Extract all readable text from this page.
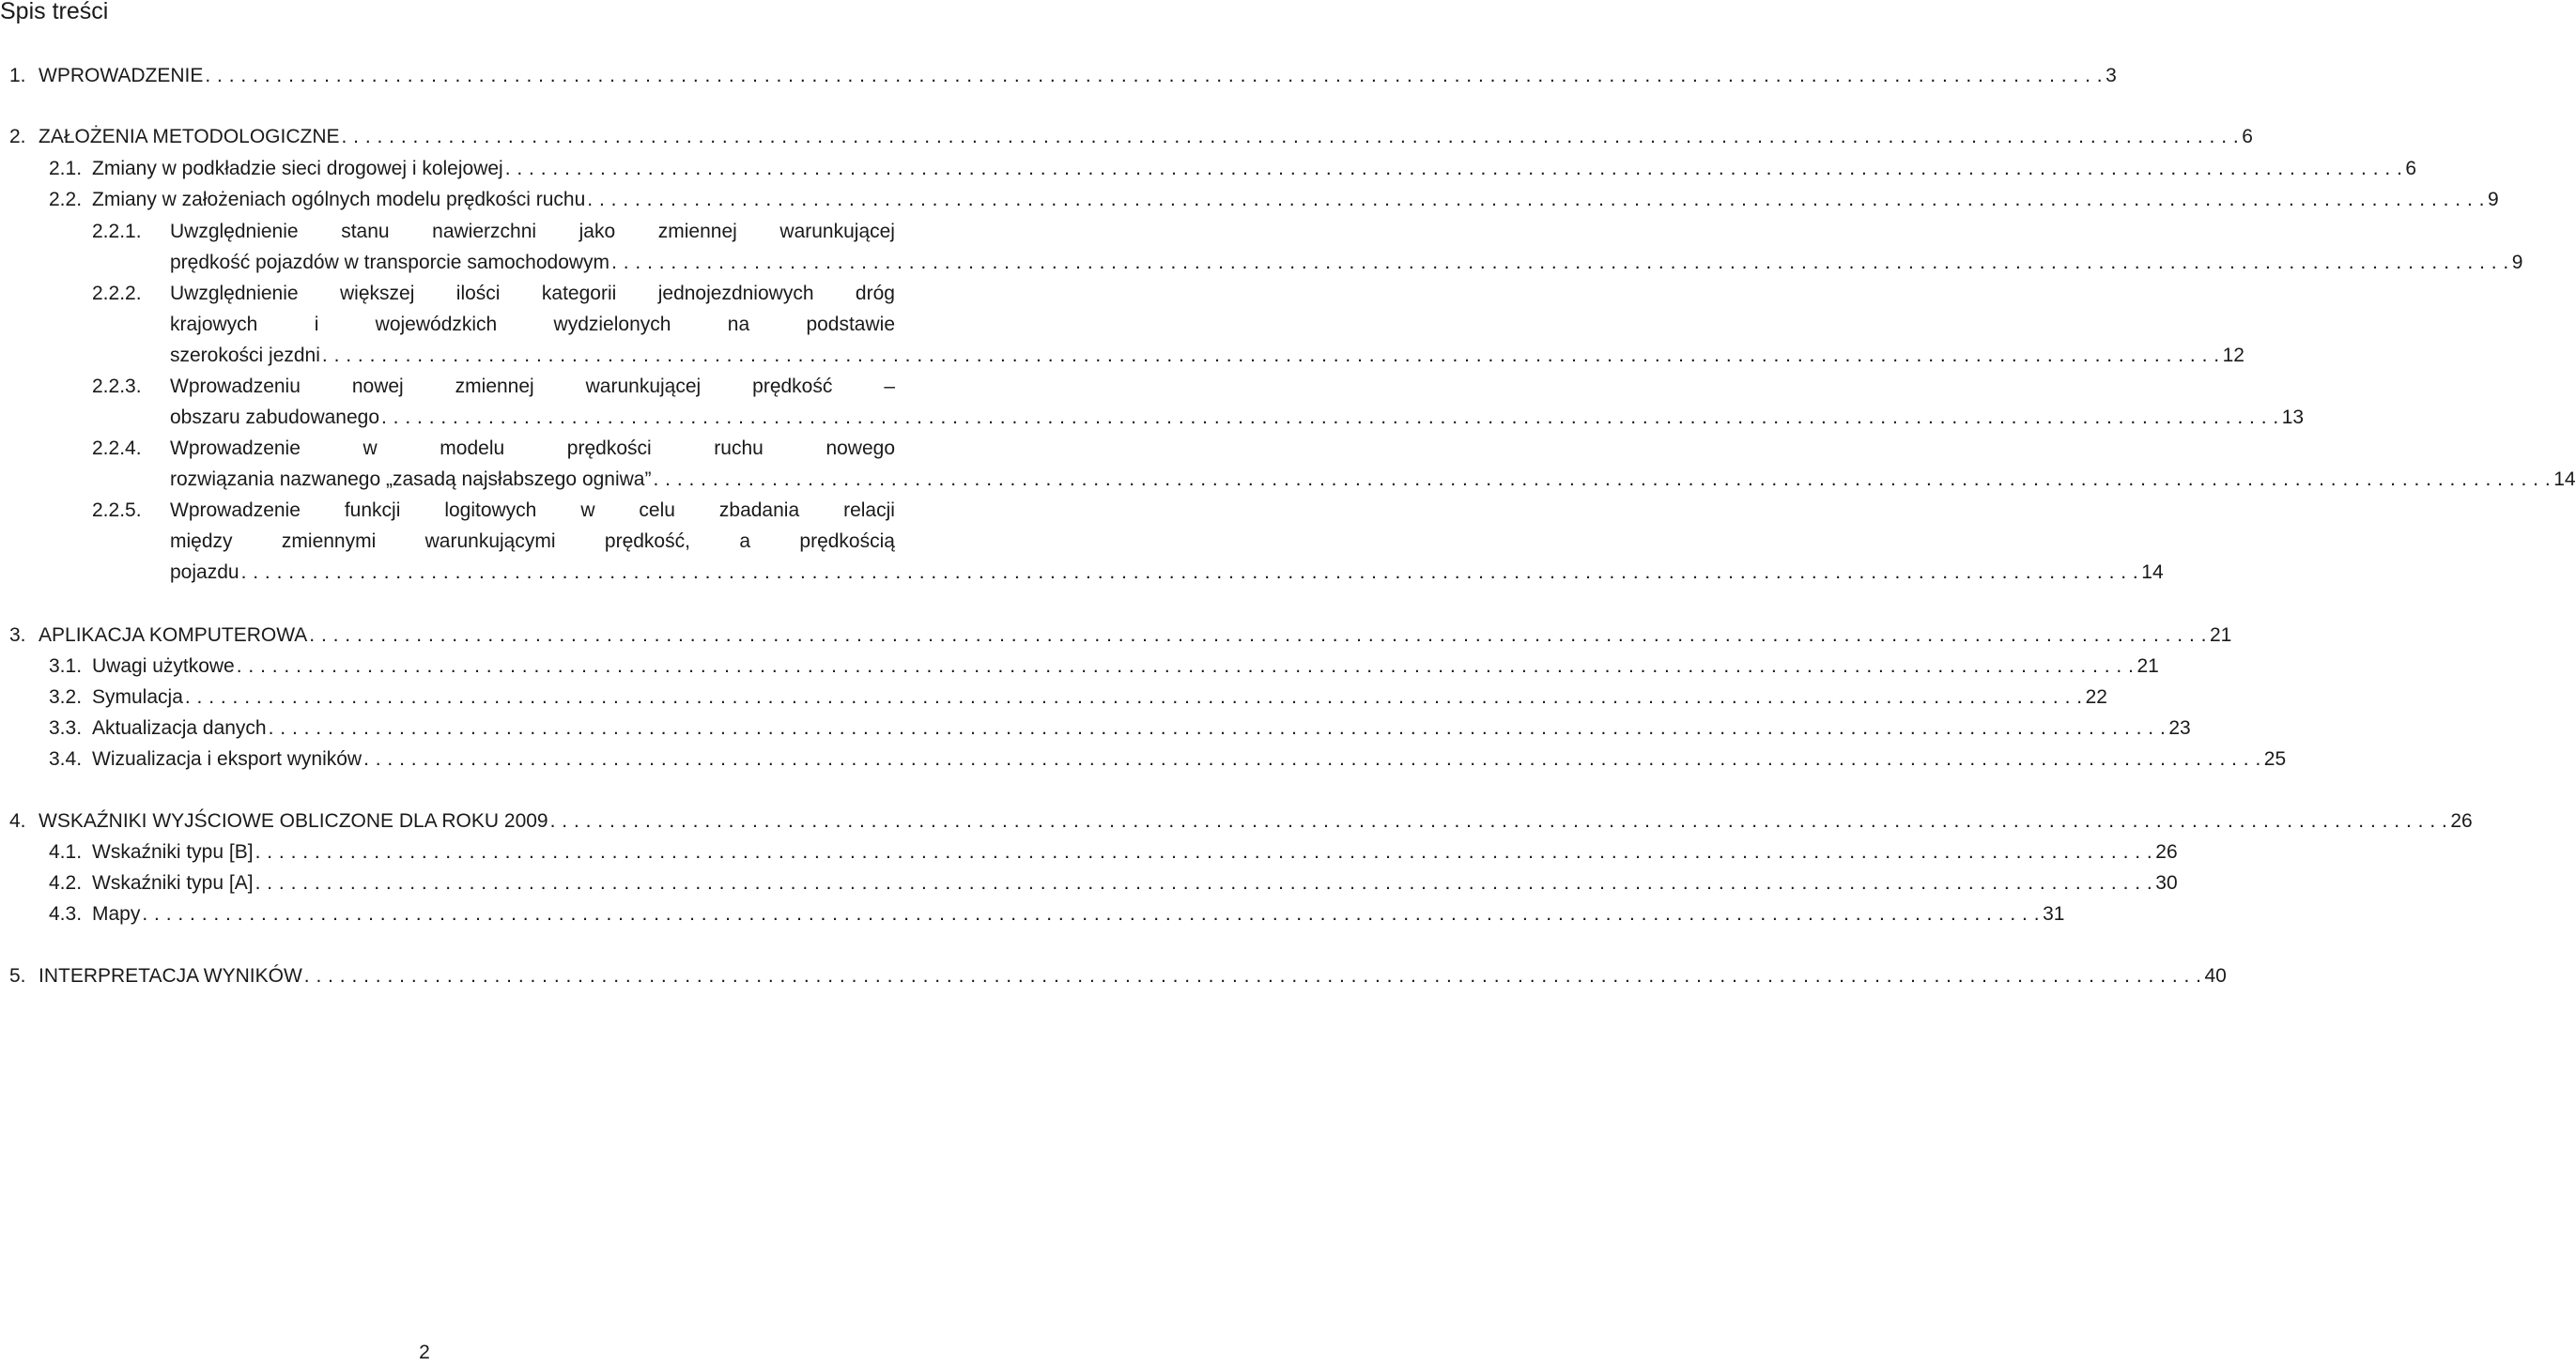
Spis treści
1. WPROWADZENIE . . . . . . . . . . . . . . . . . . . . . . . . . . . . . . . . . . . . . . . . . . . . . . . . . . . . . . . . . . . . . . . . . . . . . . . . . . . . . . . . . . . . . . . . . . . . . . . . . . . . . . . . . . . . . . . . . . . . . . . . . . . . . . . . . . . . . . . . . . . . . . . . . . . . . . . . . . . . . . . . 3
2. ZAŁOŻENIA METODOLOGICZNE . . . . . . . . . . . . . . . . . . . . . . . . . . . . . . . . . . . . . . . . . . . . . . . . . . . . . . . . . . . . . . . . . . . . . . . . . . . . . . . . . . . . . . . . . . . . . . . . . . . . . . . . . . . . . . . . . . . . . . . . . . . . . . . . . . . . . . . . . . . . . . . . . . . . . . . . . . . . . . . . 6
2.1. Zmiany w podkładzie sieci drogowej i kolejowej . . . . . . . . . . . . . . . . . . . . . . . . . . . . . . . . . . . . . . . . . . . . . . . . . . . . . . . . . . . . . . . . . . . . . . . . . . . . . . . . . . . . . . . . . . . . . . . . . . . . . . . . . . . . . . . . . . . . . . . . . . . . . . . . . . . . . . . . . . . . . . . . . . . . . . . . . . . . . . . . 6
2.2. Zmiany w założeniach ogólnych modelu prędkości ruchu . . . . . . . . . . . . . . . . . . . . . . . . . . . . . . . . . . . . . . . . . . . . . . . . . . . . . . . . . . . . . . . . . . . . . . . . . . . . . . . . . . . . . . . . . . . . . . . . . . . . . . . . . . . . . . . . . . . . . . . . . . . . . . . . . . . . . . . . . . . . . . . . . . . . . . . . . . . . . . . . 9
2.2.1. Uwzględnienie stanu nawierzchni jako zmiennej warunkującej
prędkość pojazdów w transporcie samochodowym . . . . . . . . . . . . . . . . . . . . . . . . . . . . . . . . . . . . . . . . . . . . . . . . . . . . . . . . . . . . . . . . . . . . . . . . . . . . . . . . . . . . . . . . . . . . . . . . . . . . . . . . . . . . . . . . . . . . . . . . . . . . . . . . . . . . . . . . . . . . . . . . . . . . . . . . . . . . . . . . 9
2.2.2. Uwzględnienie większej ilości kategorii jednojezdniowych dróg
krajowych	i	wojewódzkich	wydzielonych	na	podstawie
szerokości jezdni . . . . . . . . . . . . . . . . . . . . . . . . . . . . . . . . . . . . . . . . . . . . . . . . . . . . . . . . . . . . . . . . . . . . . . . . . . . . . . . . . . . . . . . . . . . . . . . . . . . . . . . . . . . . . . . . . . . . . . . . . . . . . . . . . . . . . . . . . . . . . . . . . . . . . . . . . . . . . . . . 12
2.2.3. Wprowadzeniu	nowej	zmiennej	warunkującej	prędkość	–
obszaru zabudowanego . . . . . . . . . . . . . . . . . . . . . . . . . . . . . . . . . . . . . . . . . . . . . . . . . . . . . . . . . . . . . . . . . . . . . . . . . . . . . . . . . . . . . . . . . . . . . . . . . . . . . . . . . . . . . . . . . . . . . . . . . . . . . . . . . . . . . . . . . . . . . . . . . . . . . . . . . . . . . . . . 13
2.2.4. Wprowadzenie	w	modelu	prędkości	ruchu	nowego
rozwiązania nazwanego „zasadą najsłabszego ogniwa” . . . . . . . . . . . . . . . . . . . . . . . . . . . . . . . . . . . . . . . . . . . . . . . . . . . . . . . . . . . . . . . . . . . . . . . . . . . . . . . . . . . . . . . . . . . . . . . . . . . . . . . . . . . . . . . . . . . . . . . . . . . . . . . . . . . . . . . . . . . . . . . . . . . . . . . . . . . . . . . . 14
2.2.5. Wprowadzenie funkcji logitowych w celu zbadania relacji
między zmiennymi warunkującymi prędkość, a prędkością
pojazdu . . . . . . . . . . . . . . . . . . . . . . . . . . . . . . . . . . . . . . . . . . . . . . . . . . . . . . . . . . . . . . . . . . . . . . . . . . . . . . . . . . . . . . . . . . . . . . . . . . . . . . . . . . . . . . . . . . . . . . . . . . . . . . . . . . . . . . . . . . . . . . . . . . . . . . . . . . . . . . . . 14
3. APLIKACJA KOMPUTEROWA . . . . . . . . . . . . . . . . . . . . . . . . . . . . . . . . . . . . . . . . . . . . . . . . . . . . . . . . . . . . . . . . . . . . . . . . . . . . . . . . . . . . . . . . . . . . . . . . . . . . . . . . . . . . . . . . . . . . . . . . . . . . . . . . . . . . . . . . . . . . . . . . . . . . . . . . . . . . . . . . 21
3.1. Uwagi użytkowe . . . . . . . . . . . . . . . . . . . . . . . . . . . . . . . . . . . . . . . . . . . . . . . . . . . . . . . . . . . . . . . . . . . . . . . . . . . . . . . . . . . . . . . . . . . . . . . . . . . . . . . . . . . . . . . . . . . . . . . . . . . . . . . . . . . . . . . . . . . . . . . . . . . . . . . . . . . . . . . . 21
3.2. Symulacja . . . . . . . . . . . . . . . . . . . . . . . . . . . . . . . . . . . . . . . . . . . . . . . . . . . . . . . . . . . . . . . . . . . . . . . . . . . . . . . . . . . . . . . . . . . . . . . . . . . . . . . . . . . . . . . . . . . . . . . . . . . . . . . . . . . . . . . . . . . . . . . . . . . . . . . . . . . . . . . . 22
3.3. Aktualizacja danych . . . . . . . . . . . . . . . . . . . . . . . . . . . . . . . . . . . . . . . . . . . . . . . . . . . . . . . . . . . . . . . . . . . . . . . . . . . . . . . . . . . . . . . . . . . . . . . . . . . . . . . . . . . . . . . . . . . . . . . . . . . . . . . . . . . . . . . . . . . . . . . . . . . . . . . . . . . . . . . . 23
3.4. Wizualizacja i eksport wyników . . . . . . . . . . . . . . . . . . . . . . . . . . . . . . . . . . . . . . . . . . . . . . . . . . . . . . . . . . . . . . . . . . . . . . . . . . . . . . . . . . . . . . . . . . . . . . . . . . . . . . . . . . . . . . . . . . . . . . . . . . . . . . . . . . . . . . . . . . . . . . . . . . . . . . . . . . . . . . . . 25
4. WSKAŹNIKI WYJŚCIOWE OBLICZONE DLA ROKU 2009 . . . . . . . . . . . . . . . . . . . . . . . . . . . . . . . . . . . . . . . . . . . . . . . . . . . . . . . . . . . . . . . . . . . . . . . . . . . . . . . . . . . . . . . . . . . . . . . . . . . . . . . . . . . . . . . . . . . . . . . . . . . . . . . . . . . . . . . . . . . . . . . . . . . . . . . . . . . . . . . . 26
4.1. Wskaźniki typu [B] . . . . . . . . . . . . . . . . . . . . . . . . . . . . . . . . . . . . . . . . . . . . . . . . . . . . . . . . . . . . . . . . . . . . . . . . . . . . . . . . . . . . . . . . . . . . . . . . . . . . . . . . . . . . . . . . . . . . . . . . . . . . . . . . . . . . . . . . . . . . . . . . . . . . . . . . . . . . . . . . 26
4.2. Wskaźniki typu [A] . . . . . . . . . . . . . . . . . . . . . . . . . . . . . . . . . . . . . . . . . . . . . . . . . . . . . . . . . . . . . . . . . . . . . . . . . . . . . . . . . . . . . . . . . . . . . . . . . . . . . . . . . . . . . . . . . . . . . . . . . . . . . . . . . . . . . . . . . . . . . . . . . . . . . . . . . . . . . . . . 30
4.3. Mapy . . . . . . . . . . . . . . . . . . . . . . . . . . . . . . . . . . . . . . . . . . . . . . . . . . . . . . . . . . . . . . . . . . . . . . . . . . . . . . . . . . . . . . . . . . . . . . . . . . . . . . . . . . . . . . . . . . . . . . . . . . . . . . . . . . . . . . . . . . . . . . . . . . . . . . . . . . . . . . . . 31
5. INTERPRETACJA WYNIKÓW . . . . . . . . . . . . . . . . . . . . . . . . . . . . . . . . . . . . . . . . . . . . . . . . . . . . . . . . . . . . . . . . . . . . . . . . . . . . . . . . . . . . . . . . . . . . . . . . . . . . . . . . . . . . . . . . . . . . . . . . . . . . . . . . . . . . . . . . . . . . . . . . . . . . . . . . . . . . . . . . 40
2
